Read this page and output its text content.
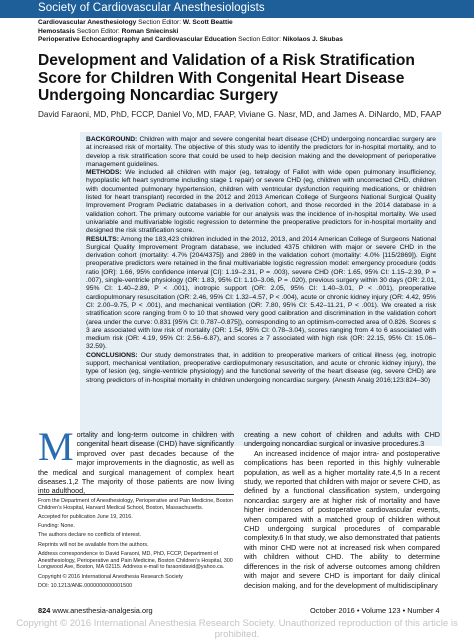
Society of Cardiovascular Anesthesiologists
Cardiovascular Anesthesiology Section Editor: W. Scott Beattie
Hemostasis Section Editor: Roman Sniecinski
Perioperative Echocardiography and Cardiovascular Education Section Editor: Nikolaos J. Skubas
Development and Validation of a Risk Stratification Score for Children With Congenital Heart Disease Undergoing Noncardiac Surgery
David Faraoni, MD, PhD, FCCP, Daniel Vo, MD, FAAP, Viviane G. Nasr, MD, and James A. DiNardo, MD, FAAP

BACKGROUND: Children with major and severe congenital heart disease (CHD) undergoing noncardiac surgery are at increased risk of mortality. The objective of this study was to identify the predictors for in-hospital mortality, and to develop a risk stratification score that could be used to help decision making and the development of perioperative management guidelines.
METHODS: We included all children with major (eg, tetralogy of Fallot with wide open pulmonary insufficiency, hypoplastic left heart syndrome including stage 1 repair) or severe CHD (eg, children with uncorrected CHD, children with documented pulmonary hypertension, children with ventricular dysfunction requiring medications, or children listed for heart transplant) recorded in the 2012 and 2013 American College of Surgeons National Surgical Quality Improvement Program Pediatric databases in a derivation cohort, and those recorded in the 2014 database in a validation cohort. The primary outcome variable for our analysis was the incidence of in-hospital mortality. We used univariable and multivariable logistic regression to determine the preoperative predictors for in-hospital mortality and designed the risk stratification score.
RESULTS: Among the 183,423 children included in the 2012, 2013, and 2014 American College of Surgeons National Surgical Quality Improvement Program database, we included 4375 children with major or severe CHD in the derivation cohort (mortality: 4.7% [204/4375]) and 2869 in the validation cohort (mortality: 4.0% [115/2869]). Eight preoperative predictors were retained in the final multivariable logistic regression model: emergency procedure (odds ratio [OR]: 1.66, 95% confidence interval [CI]: 1.19–2.31, P = .003), severe CHD (OR: 1.65, 95% CI: 1.15–2.39, P = .007), single-ventricle physiology (OR: 1.83, 95% CI: 1.10–3.06, P = .020), previous surgery within 30 days (OR: 2.01, 95% CI: 1.40–2.89, P < .001), inotropic support (OR: 2.05, 95% CI: 1.40–3.01, P < .001), preoperative cardiopulmonary resuscitation (OR: 2.46, 95% CI: 1.32–4.57, P < .004), acute or chronic kidney injury (OR: 4.42, 95% CI: 2.00–9.75, P < .001), and mechanical ventilation (OR: 7.80, 95% CI: 5.42–11.21, P < .001). We created a risk stratification score ranging from 0 to 10 that showed very good calibration and discrimination in the validation cohort (area under the curve: 0.831 [95% CI: 0.787–0.875]), corresponding to an optimism-corrected area of 0.826. Scores ≤ 3 are associated with low risk of mortality (OR: 1.54, 95% CI: 0.78–3.04), scores ranging from 4 to 6 associated with medium risk (OR: 4.19, 95% CI: 2.56–6.87), and scores ≥ 7 associated with high risk (OR: 22.15, 95% CI: 15.06–32.59).
CONCLUSIONS: Our study demonstrates that, in addition to preoperative markers of critical illness (eg, inotropic support, mechanical ventilation, preoperative cardiopulmonary resuscitation, and acute or chronic kidney injury), the type of lesion (eg, single-ventricle physiology) and the functional severity of the heart disease (eg, severe CHD) are strong predictors of in-hospital mortality in children undergoing noncardiac surgery. (Anesth Analg 2016;123:824–30)

Mortality and long-term outcome in children with congenital heart disease (CHD) have significantly improved over past decades because of the major improvements in the diagnostic, as well as the medical and surgical management of complex heart diseases.1,2 The majority of those patients are now living into adulthood,

From the Department of Anesthesiology, Perioperative and Pain Medicine, Boston Children's Hospital, Harvard Medical School, Boston, Massachusetts.

Accepted for publication June 19, 2016.

Funding: None.

The authors declare no conflicts of interest.

Reprints will not be available from the authors.

Address correspondence to David Faraoni, MD, PhD, FCCP, Department of Anesthesiology, Perioperative and Pain Medicine, Boston Children's Hospital, 300 Longwood Ave, Boston, MA 02115. Address e-mail to faraonidavid@yahoo.ca.

Copyright © 2016 International Anesthesia Research Society

DOI: 10.1213/ANE.0000000000001500

creating a new cohort of children and adults with CHD undergoing noncardiac surgical or invasive procedures.3

An increased incidence of major intra- and postoperative complications has been reported in this highly vulnerable population, as well as a higher mortality rate.4,5 In a recent study, we reported that children with major or severe CHD, as defined by a functional classification system, undergoing noncardiac surgery are at higher risk of mortality and have higher incidences of postoperative cardiovascular events, when compared with a matched group of children without CHD undergoing surgical procedures of comparable complexity.6 In that study, we also demonstrated that patients with minor CHD were not at increased risk when compared with children without CHD. The ability to determine differences in the risk of adverse outcomes among children with major and severe CHD is important for daily clinical decision making, and for the development of multidisciplinary

824 www.anesthesia-analgesia.org	October 2016 • Volume 123 • Number 4
Copyright © 2016 International Anesthesia Research Society. Unauthorized reproduction of this article is prohibited.
